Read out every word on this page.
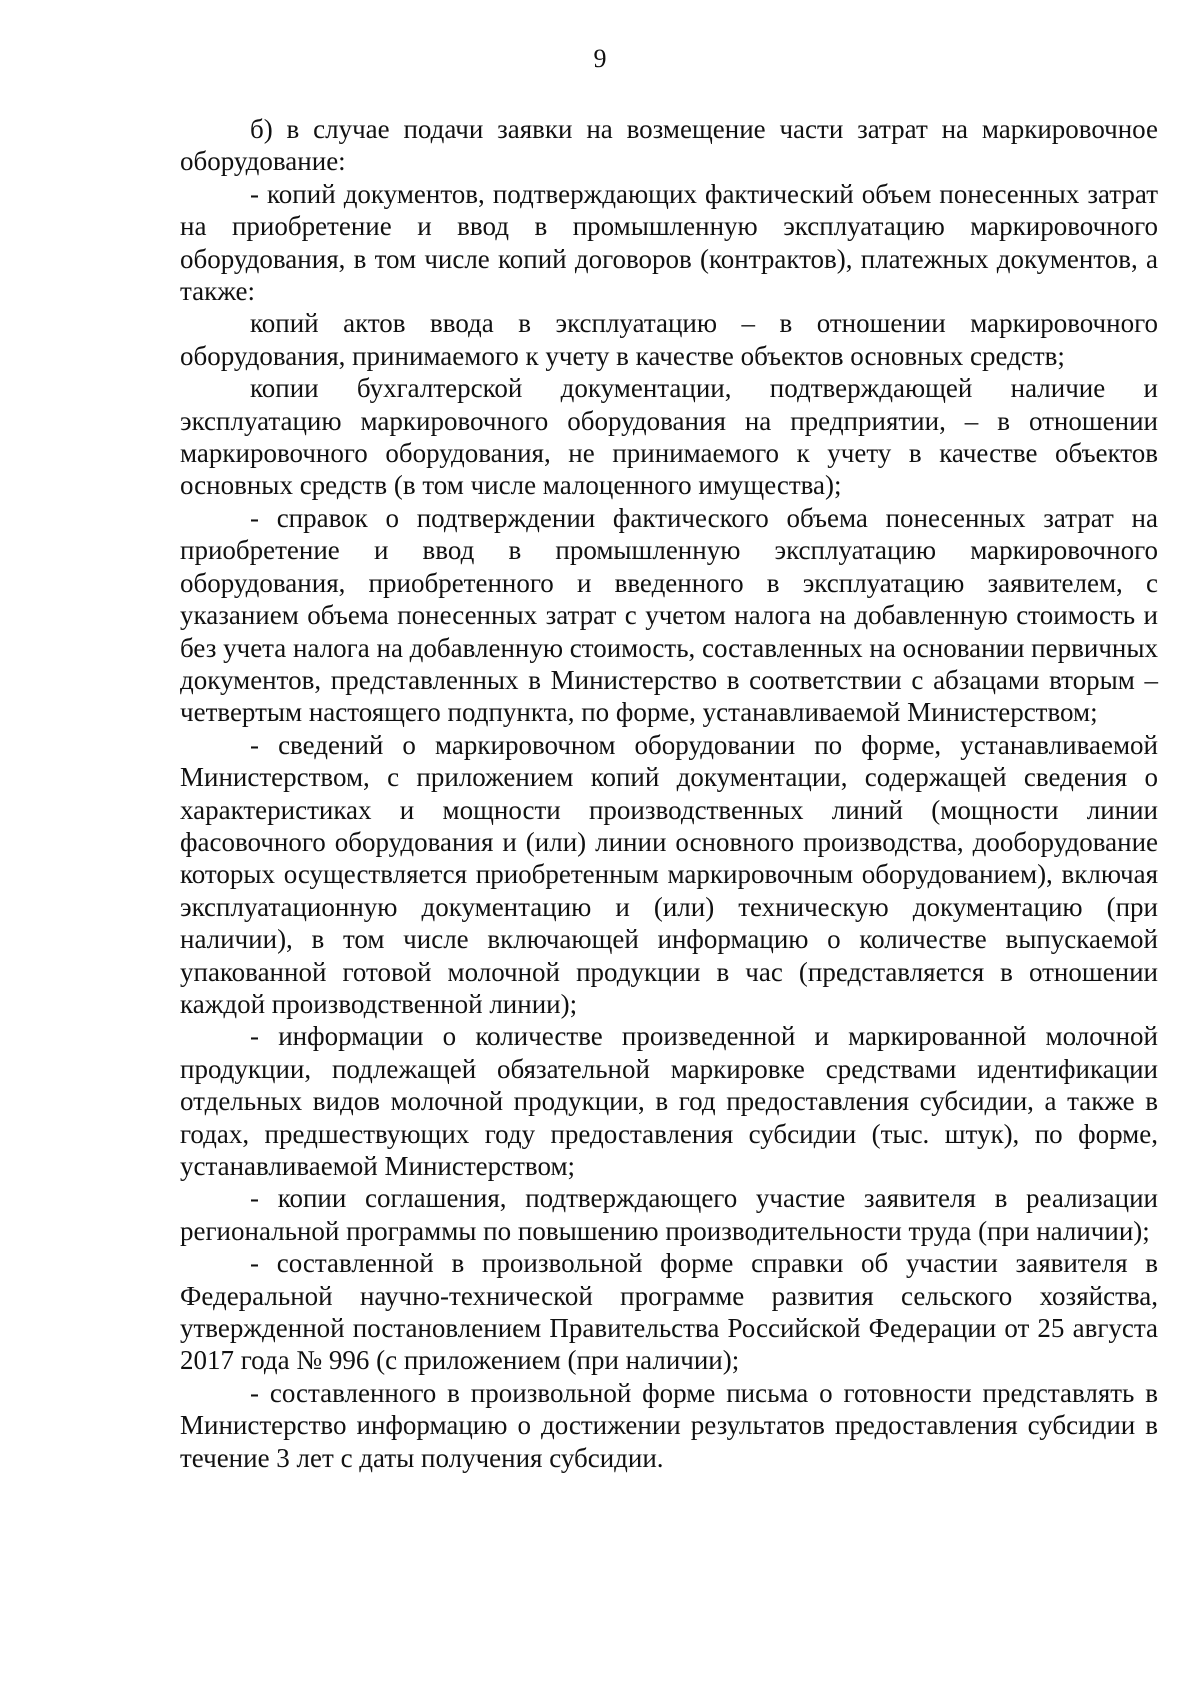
9

б) в случае подачи заявки на возмещение части затрат на маркировочное оборудование:

- копий документов, подтверждающих фактический объем понесенных затрат на приобретение и ввод в промышленную эксплуатацию маркировочного оборудования, в том числе копий договоров (контрактов), платежных документов, а также:

копий актов ввода в эксплуатацию – в отношении маркировочного оборудования, принимаемого к учету в качестве объектов основных средств;

копии бухгалтерской документации, подтверждающей наличие и эксплуатацию маркировочного оборудования на предприятии, – в отношении маркировочного оборудования, не принимаемого к учету в качестве объектов основных средств (в том числе малоценного имущества);

- справок о подтверждении фактического объема понесенных затрат на приобретение и ввод в промышленную эксплуатацию маркировочного оборудования, приобретенного и введенного в эксплуатацию заявителем, с указанием объема понесенных затрат с учетом налога на добавленную стоимость и без учета налога на добавленную стоимость, составленных на основании первичных документов, представленных в Министерство в соответствии с абзацами вторым – четвертым настоящего подпункта, по форме, устанавливаемой Министерством;

- сведений о маркировочном оборудовании по форме, устанавливаемой Министерством, с приложением копий документации, содержащей сведения о характеристиках и мощности производственных линий (мощности линии фасовочного оборудования и (или) линии основного производства, дооборудование которых осуществляется приобретенным маркировочным оборудованием), включая эксплуатационную документацию и (или) техническую документацию (при наличии), в том числе включающей информацию о количестве выпускаемой упакованной готовой молочной продукции в час (представляется в отношении каждой производственной линии);

- информации о количестве произведенной и маркированной молочной продукции, подлежащей обязательной маркировке средствами идентификации отдельных видов молочной продукции, в год предоставления субсидии, а также в годах, предшествующих году предоставления субсидии (тыс. штук), по форме, устанавливаемой Министерством;

- копии соглашения, подтверждающего участие заявителя в реализации региональной программы по повышению производительности труда (при наличии);

- составленной в произвольной форме справки об участии заявителя в Федеральной научно-технической программе развития сельского хозяйства, утвержденной постановлением Правительства Российской Федерации от 25 августа 2017 года № 996 (с приложением (при наличии);

- составленного в произвольной форме письма о готовности представлять в Министерство информацию о достижении результатов предоставления субсидии в течение 3 лет с даты получения субсидии.
